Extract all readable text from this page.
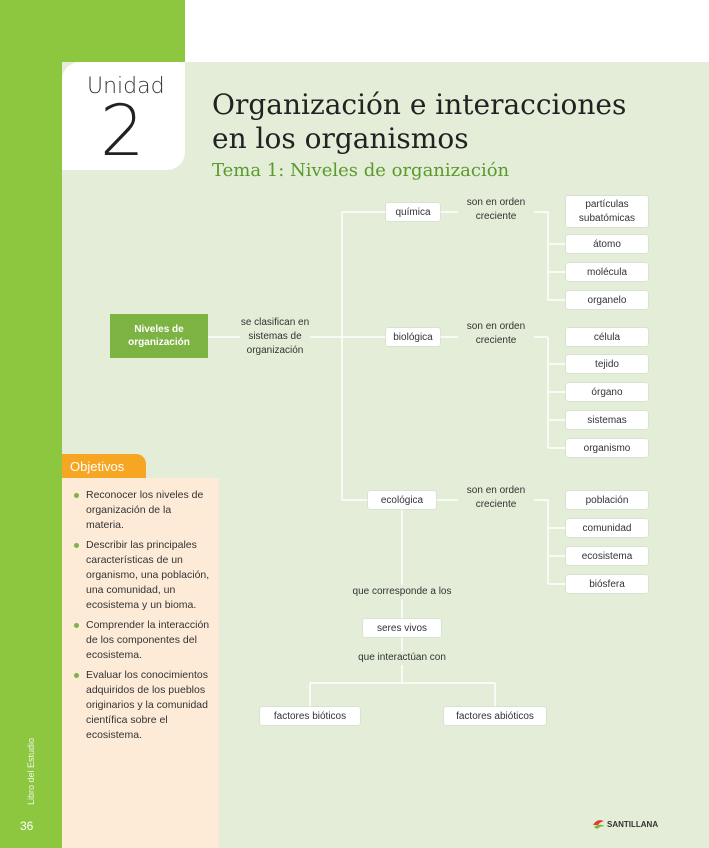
Unidad
2 Organización e interacciones
en los organismos
Tema 1: Niveles de organización
Niveles de organización
se clasifican en sistemas de organización
química
son en orden creciente
partículas subatómicas
átomo
molécula
organelo
biológica
son en orden creciente	célula
tejido
órgano
sistemas
organismo
ecológica
son en orden creciente	población
comunidad
ecosistema
biósfera
que corresponde a los
seres vivos
que interactúan con
factores bióticos	factores abióticos
Objetivos
Reconocer los niveles de organización de la materia.
Describir las principales características de un organismo, una población, una comunidad, un ecosistema y un bioma.
Comprender la interacción de los componentes del ecosistema.
Evaluar los conocimientos adquiridos de los pueblos originarios y la comunidad científica sobre el ecosistema.
Libro del Estudio
36	SANTILLANA
